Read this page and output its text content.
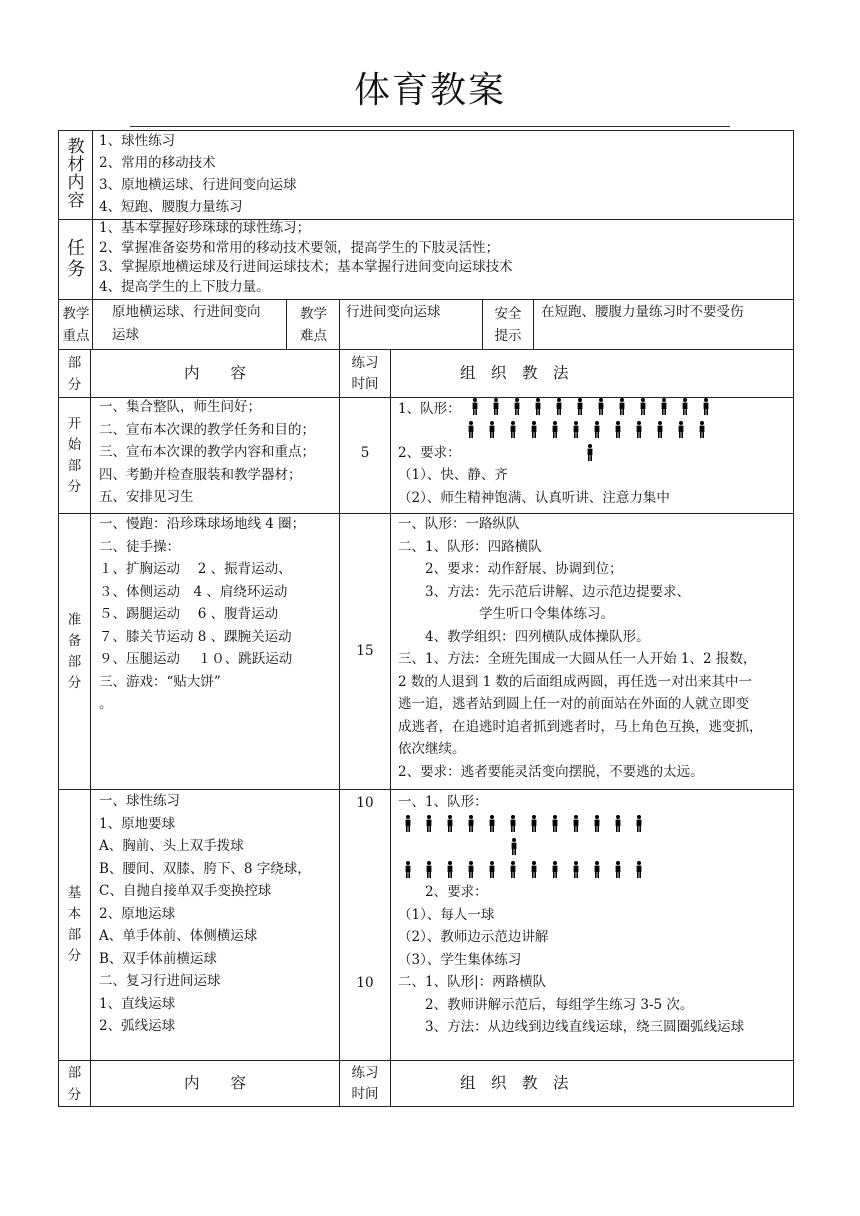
体育教案
教材内容
1、球性练习
2、常用的移动技术
3、原地横运球、行进间变向运球
4、短跑、腰腹力量练习
任务
1、基本掌握好珍珠球的球性练习；
2、掌握准备姿势和常用的移动技术要领，提高学生的下肢灵活性；
3、掌握原地横运球及行进间运球技术；基本掌握行进间变向运球技术
4、提高学生的上下肢力量。
教学重点
原地横运球、行进间变向
运球
教学难点
行进间变向运球	安全提示
在短跑、腰腹力量练习时不要受伤
部分
内　　容
练习时间
组　织　教　法
开始部分
一、集合整队，师生问好；
二、宣布本次课的教学任务和目的；
三、宣布本次课的教学内容和重点；
四、考勤并检查服装和教学器材；
五、安排见习生
5
1、队形：
2、要求：
（1）、快、静、齐
（2）、师生精神饱满、认真听讲、注意力集中
准备部分
一、慢跑：沿珍珠球场地线 4 圈；
二、徒手操：
１、扩胸运动　 2 、振背运动、
３、体侧运动　4 、肩绕环运动
５、踢腿运动　 6 、腹背运动
７、膝关节运动 8 、踝腕关运动
９、压腿运动　 １０、跳跃运动
三、游戏：“贴大饼”
。
15
一、队形：一路纵队
二、1、队形：四路横队
　　2、要求：动作舒展、协调到位；
　　3、方法：先示范后讲解、边示范边提要求、
　　　　　　学生听口令集体练习。
　　4、教学组织：四列横队成体操队形。
三、1、方法：全班先围成一大圆从任一人开始 1、2 报数，
2 数的人退到 1 数的后面组成两圆，再任选一对出来其中一
逃一追，逃者站到圆上任一对的前面站在外面的人就立即变
成逃者，在追逃时追者抓到逃者时，马上角色互换，逃变抓，
依次继续。
2、要求：逃者要能灵活变向摆脱，不要逃的太远。
基本部分
一、球性练习
1、原地要球
A、胸前、头上双手拨球
B、腰间、双膝、胯下、8 字绕球，
C、自抛自接单双手变换控球
2、原地运球
A、单手体前、体侧横运球
B、双手体前横运球
二、复习行进间运球
1、直线运球
2、弧线运球
10
10
一、1、队形：
　　2、要求：
（1）、每人一球
（2）、教师边示范边讲解
（3）、学生集体练习
二、1、队形|：两路横队
　　2、教师讲解示范后，每组学生练习 3-5 次。
　　3、方法：从边线到边线直线运球，绕三圆圈弧线运球
部分
内　　容
练习时间
组　织　教　法
